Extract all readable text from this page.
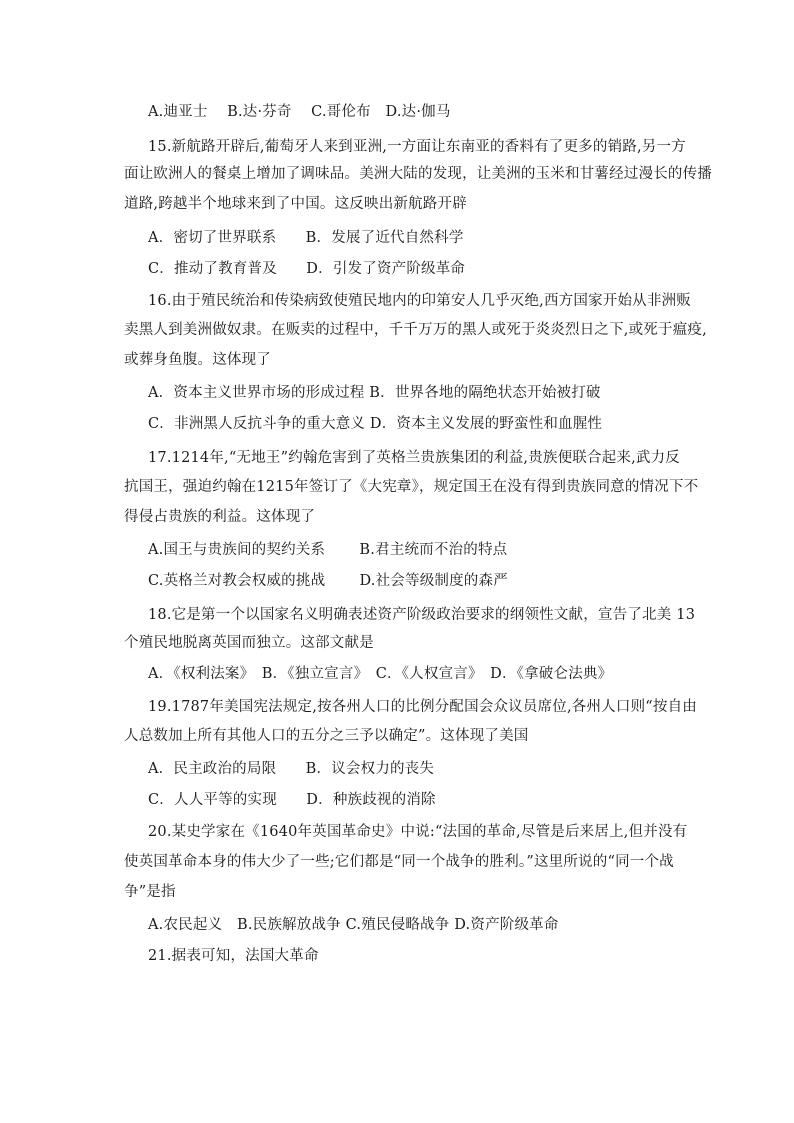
A.迪亚士　 B.达·芬奇　 C.哥伦布　D.达·伽马
15.新航路开辟后,葡萄牙人来到亚洲,一方面让东南亚的香料有了更多的销路,另一方
面让欧洲人的餐桌上增加了调味品。美洲大陆的发现，让美洲的玉米和甘薯经过漫长的传播
道路,跨越半个地球来到了中国。这反映出新航路开辟
A．密切了世界联系　　B．发展了近代自然科学
C．推动了教育普及　　D．引发了资产阶级革命
16.由于殖民统治和传染病致使殖民地内的印第安人几乎灭绝,西方国家开始从非洲贩
卖黑人到美洲做奴隶。在贩卖的过程中，千千万万的黑人或死于炎炎烈日之下,或死于瘟疫,
或葬身鱼腹。这体现了
A．资本主义世界市场的形成过程 B．世界各地的隔绝状态开始被打破
C．非洲黑人反抗斗争的重大意义 D．资本主义发展的野蛮性和血腥性
17.1214年,“无地王”约翰危害到了英格兰贵族集团的利益,贵族便联合起来,武力反
抗国王，强迫约翰在1215年签订了《大宪章》，规定国王在没有得到贵族同意的情况下不
得侵占贵族的利益。这体现了
A.国王与贵族间的契约关系　　 B.君主统而不治的特点
C.英格兰对教会权威的挑战　　 D.社会等级制度的森严
18.它是第一个以国家名义明确表述资产阶级政治要求的纲领性文献，宣告了北美 13
个殖民地脱离英国而独立。这部文献是
A．《权利法案》　B．《独立宣言》　C．《人权宣言》　D．《拿破仑法典》
19.1787年美国宪法规定,按各州人口的比例分配国会众议员席位,各州人口则“按自由
人总数加上所有其他人口的五分之三予以确定”。这体现了美国
A．民主政治的局限　　B．议会权力的丧失
C．人人平等的实现　　D．种族歧视的消除
20.某史学家在《1640年英国革命史》中说:“法国的革命,尽管是后来居上,但并没有
使英国革命本身的伟大少了一些;它们都是“同一个战争的胜利。”这里所说的“同一个战
争”是指
A.农民起义　B.民族解放战争 C.殖民侵略战争 D.资产阶级革命
21.据表可知，法国大革命
